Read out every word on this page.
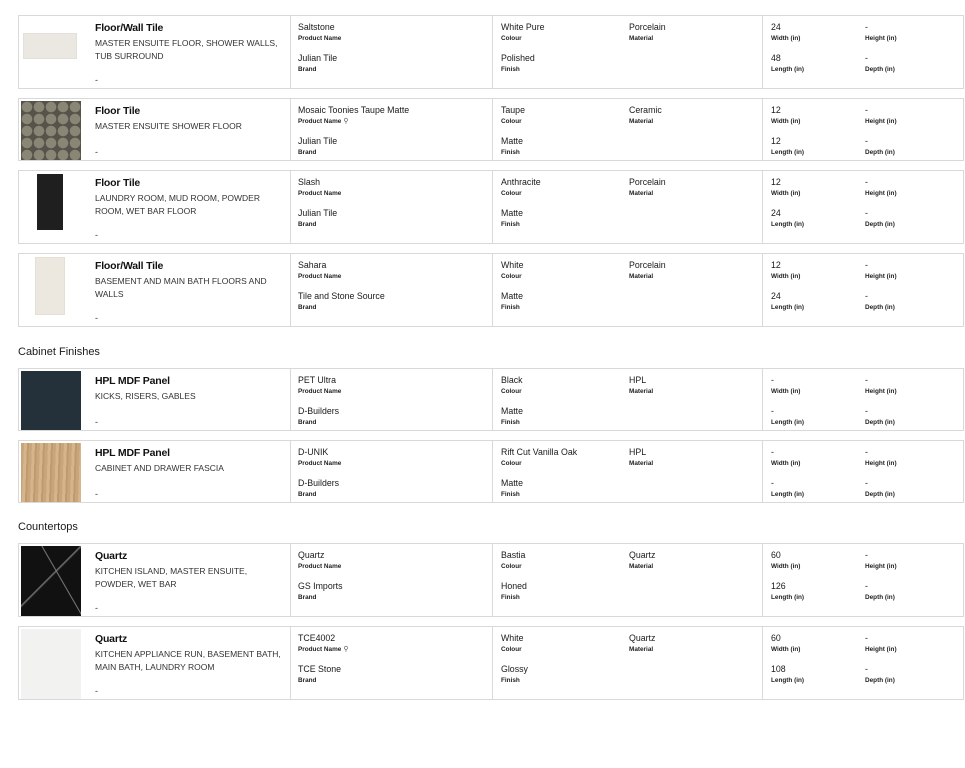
Cabinet Finishes
Countertops
Floor/Wall Tile
MASTER ENSUITE FLOOR, SHOWER WALLS, TUB SURROUND
-
Saltstone
Product Name
Julian Tile
Brand
White Pure
Colour
Polished
Finish
Porcelain
Material
24
Width (in)
48
Length (in)
-
Height (in)
-
Depth (in)
Floor Tile
MASTER ENSUITE SHOWER FLOOR
-
Mosaic Toonies Taupe Matte
Product Name ⚲
Julian Tile
Brand
Taupe
Colour
Matte
Finish
Ceramic
Material
12
Width (in)
12
Length (in)
-
Height (in)
-
Depth (in)
Floor Tile
LAUNDRY ROOM, MUD ROOM, POWDER ROOM, WET BAR FLOOR
-
Slash
Product Name
Julian Tile
Brand
Anthracite
Colour
Matte
Finish
Porcelain
Material
12
Width (in)
24
Length (in)
-
Height (in)
-
Depth (in)
Floor/Wall Tile
BASEMENT AND MAIN BATH FLOORS AND WALLS
-
Sahara
Product Name
Tile and Stone Source
Brand
White
Colour
Matte
Finish
Porcelain
Material
12
Width (in)
24
Length (in)
-
Height (in)
-
Depth (in)
HPL MDF Panel
KICKS, RISERS, GABLES
-
PET Ultra
Product Name
D-Builders
Brand
Black
Colour
Matte
Finish
HPL
Material
-
Width (in)
-
Length (in)
-
Height (in)
-
Depth (in)
HPL MDF Panel
CABINET AND DRAWER FASCIA
-
D-UNIK
Product Name
D-Builders
Brand
Rift Cut Vanilla Oak
Colour
Matte
Finish
HPL
Material
-
Width (in)
-
Length (in)
-
Height (in)
-
Depth (in)
Quartz
KITCHEN ISLAND, MASTER ENSUITE, POWDER, WET BAR
-
Quartz
Product Name
GS Imports
Brand
Bastia
Colour
Honed
Finish
Quartz
Material
60
Width (in)
126
Length (in)
-
Height (in)
-
Depth (in)
Quartz
KITCHEN APPLIANCE RUN, BASEMENT BATH, MAIN BATH, LAUNDRY ROOM
-
TCE4002
Product Name ⚲
TCE Stone
Brand
White
Colour
Glossy
Finish
Quartz
Material
60
Width (in)
108
Length (in)
-
Height (in)
-
Depth (in)
